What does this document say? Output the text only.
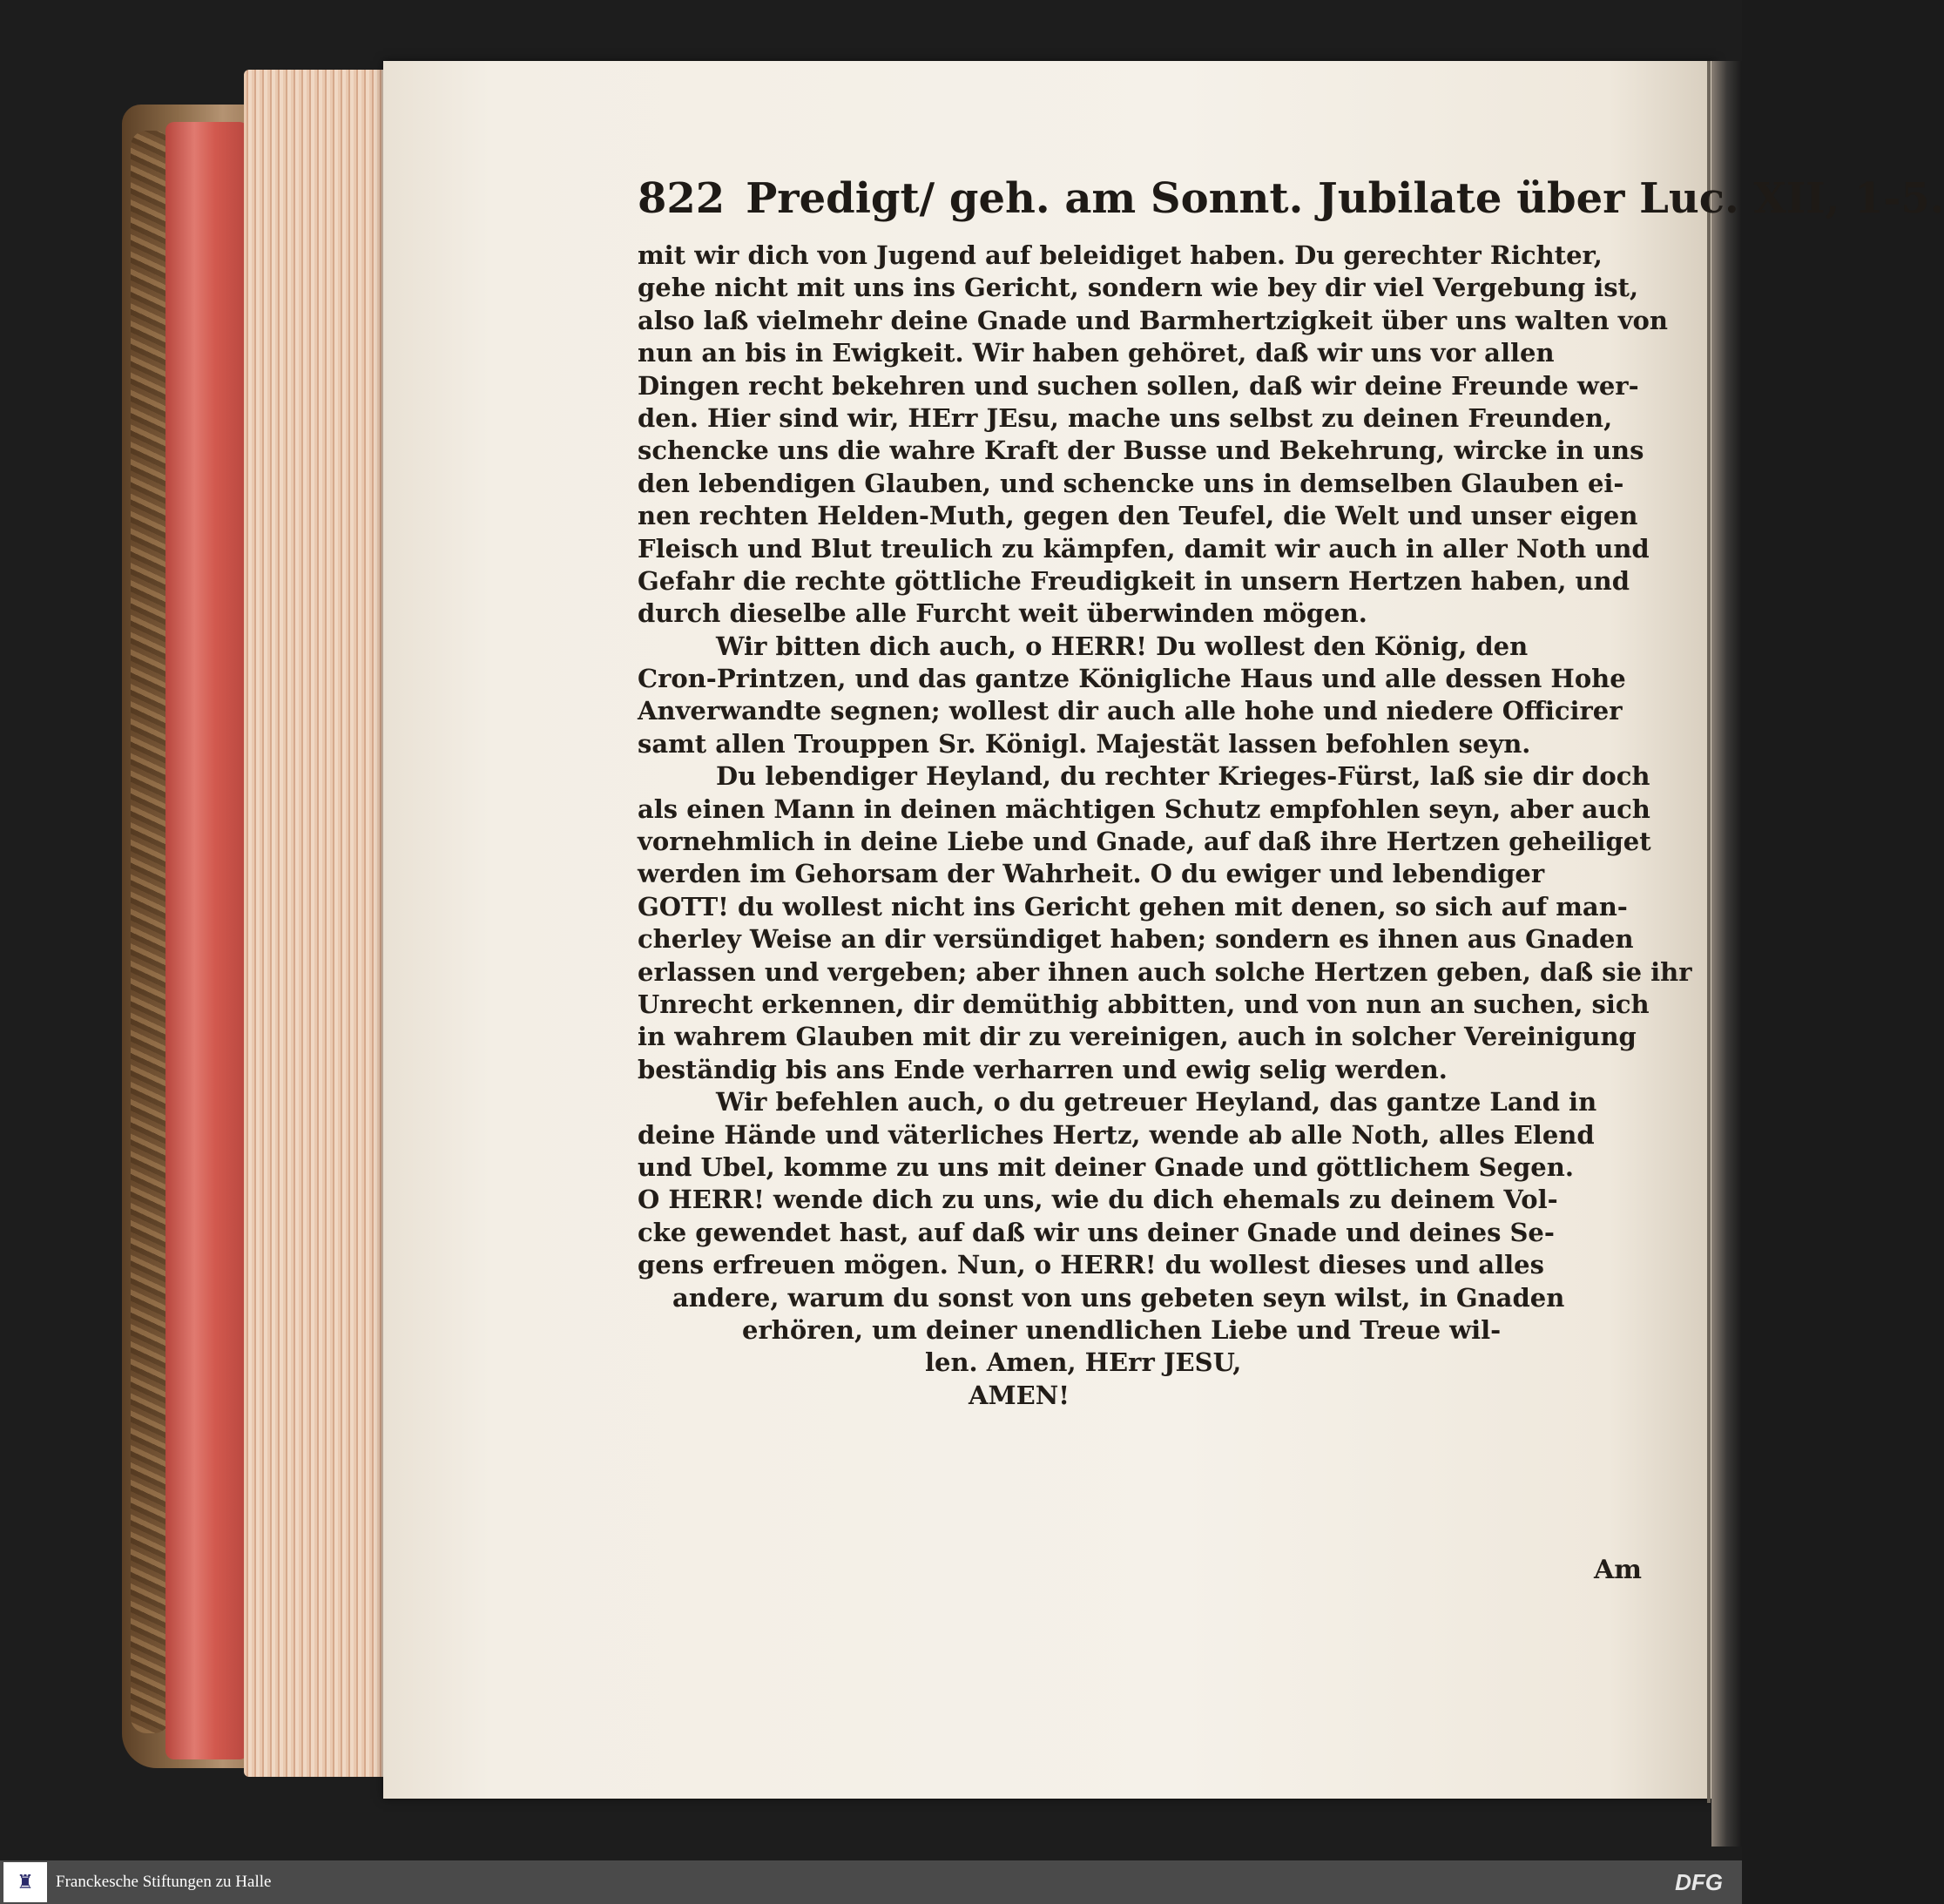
822 Predigt/ geh. am Sonnt. Jubilate über Luc. XII, 1-5.
mit wir dich von Jugend auf beleidiget haben. Du gerechter Richter,
gehe nicht mit uns ins Gericht, sondern wie bey dir viel Vergebung ist,
also laß vielmehr deine Gnade und Barmhertzigkeit über uns walten von
nun an bis in Ewigkeit. Wir haben gehöret, daß wir uns vor allen
Dingen recht bekehren und suchen sollen, daß wir deine Freunde wer-
den. Hier sind wir, HErr JEsu, mache uns selbst zu deinen Freunden,
schencke uns die wahre Kraft der Busse und Bekehrung, wircke in uns
den lebendigen Glauben, und schencke uns in demselben Glauben ei-
nen rechten Helden-Muth, gegen den Teufel, die Welt und unser eigen
Fleisch und Blut treulich zu kämpfen, damit wir auch in aller Noth und
Gefahr die rechte göttliche Freudigkeit in unsern Hertzen haben, und
durch dieselbe alle Furcht weit überwinden mögen.
Wir bitten dich auch, o HERR! Du wollest den König, den
Cron-Printzen, und das gantze Königliche Haus und alle dessen Hohe
Anverwandte segnen; wollest dir auch alle hohe und niedere Officirer
samt allen Trouppen Sr. Königl. Majestät lassen befohlen seyn.
Du lebendiger Heyland, du rechter Krieges-Fürst, laß sie dir doch
als einen Mann in deinen mächtigen Schutz empfohlen seyn, aber auch
vornehmlich in deine Liebe und Gnade, auf daß ihre Hertzen geheiliget
werden im Gehorsam der Wahrheit. O du ewiger und lebendiger
GOTT! du wollest nicht ins Gericht gehen mit denen, so sich auf man-
cherley Weise an dir versündiget haben; sondern es ihnen aus Gnaden
erlassen und vergeben; aber ihnen auch solche Hertzen geben, daß sie ihr
Unrecht erkennen, dir demüthig abbitten, und von nun an suchen, sich
in wahrem Glauben mit dir zu vereinigen, auch in solcher Vereinigung
beständig bis ans Ende verharren und ewig selig werden.
Wir befehlen auch, o du getreuer Heyland, das gantze Land in
deine Hände und väterliches Hertz, wende ab alle Noth, alles Elend
und Ubel, komme zu uns mit deiner Gnade und göttlichem Segen.
O HERR! wende dich zu uns, wie du dich ehemals zu deinem Vol-
cke gewendet hast, auf daß wir uns deiner Gnade und deines Se-
gens erfreuen mögen. Nun, o HERR! du wollest dieses und alles
andere, warum du sonst von uns gebeten seyn wilst, in Gnaden
erhören, um deiner unendlichen Liebe und Treue wil-
len. Amen, HErr JESU,
AMEN!
Am
♜	Franckesche Stiftungen zu Halle	DFG
